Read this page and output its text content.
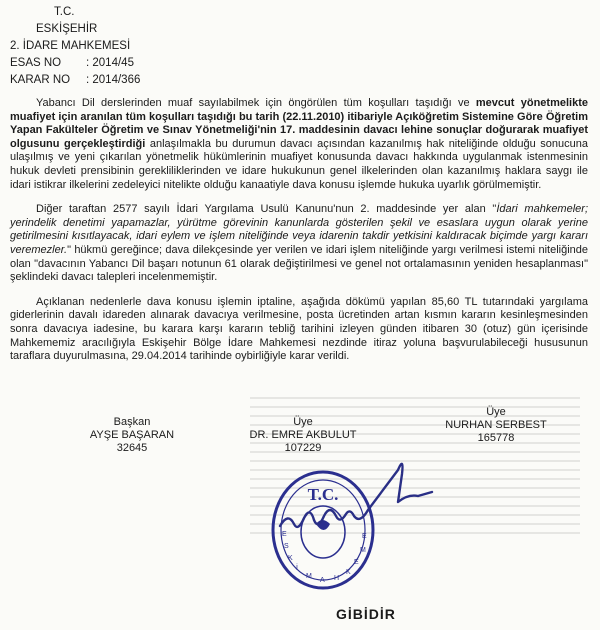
T.C.
ESKİŞEHİR
2. İDARE MAHKEMESİ
ESAS NO	: 2014/45
KARAR NO	: 2014/366

Yabancı Dil derslerinden muaf sayılabilmek için öngörülen tüm koşulları taşıdığı ve mevcut yönetmelikte muafiyet için aranılan tüm koşulları taşıdığı bu tarih (22.11.2010) itibariyle Açıköğretim Sistemine Göre Öğretim Yapan Fakülteler Öğretim ve Sınav Yönetmeliği'nin 17. maddesinin davacı lehine sonuçlar doğurarak muafiyet olgusunu gerçekleştirdiği anlaşılmakla bu durumun davacı açısından kazanılmış hak niteliğinde olduğu sonucuna ulaşılmış ve yeni çıkarılan yönetmelik hükümlerinin muafiyet konusunda davacı hakkında uygulanmak istenmesinin hukuk devleti prensibinin gerekliliklerinden ve idare hukukunun genel ilkelerinden olan kazanılmış haklara saygı ile idari istikrar ilkelerini zedeleyici nitelikte olduğu kanaatiyle dava konusu işlemde hukuka uyarlık görülmemiştir.

Diğer taraftan 2577 sayılı İdari Yargılama Usulü Kanunu'nun 2. maddesinde yer alan "İdari mahkemeler; yerindelik denetimi yapamazlar, yürütme görevinin kanunlarda gösterilen şekil ve esaslara uygun olarak yerine getirilmesini kısıtlayacak, idari eylem ve işlem niteliğinde veya idarenin takdir yetkisini kaldıracak biçimde yargı kararı veremezler." hükmü gereğince; dava dilekçesinde yer verilen ve idari işlem niteliğinde yargı verilmesi istemi niteliğinde olan "davacının Yabancı Dil başarı notunun 61 olarak değiştirilmesi ve genel not ortalamasının yeniden hesaplanması" şeklindeki davacı talepleri incelenmemiştir.

Açıklanan nedenlerle dava konusu işlemin iptaline, aşağıda dökümü yapılan 85,60 TL tutarındaki yargılama giderlerinin davalı idareden alınarak davacıya verilmesine, posta ücretinden artan kısmın kararın kesinleşmesinden sonra davacıya iadesine, bu karara karşı kararın tebliğ tarihini izleyen günden itibaren 30 (otuz) gün içerisinde Mahkememiz aracılığıyla Eskişehir Bölge İdare Mahkemesi nezdinde itiraz yoluna başvurulabileceği hususunun taraflara duyurulmasına, 29.04.2014 tarihinde oybirliğiyle karar verildi.

Başkan
AYŞE BAŞARAN
32645
Üye
DR. EMRE AKBULUT
107229
Üye
NURHAN SERBEST
165778
T.C.
E
S
K
İ
M
A H
K
E
M
E
GİBİDİR
